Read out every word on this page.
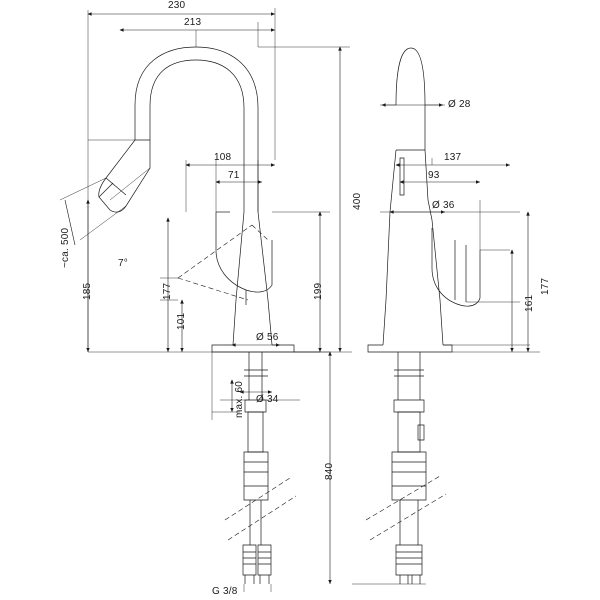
230
213
108
71
400
199
177
101
185
~ca. 500	7°
Ø 56
Ø 34
max. 60
840
G 3/8
Ø 28
137
93
Ø 36
177
161
